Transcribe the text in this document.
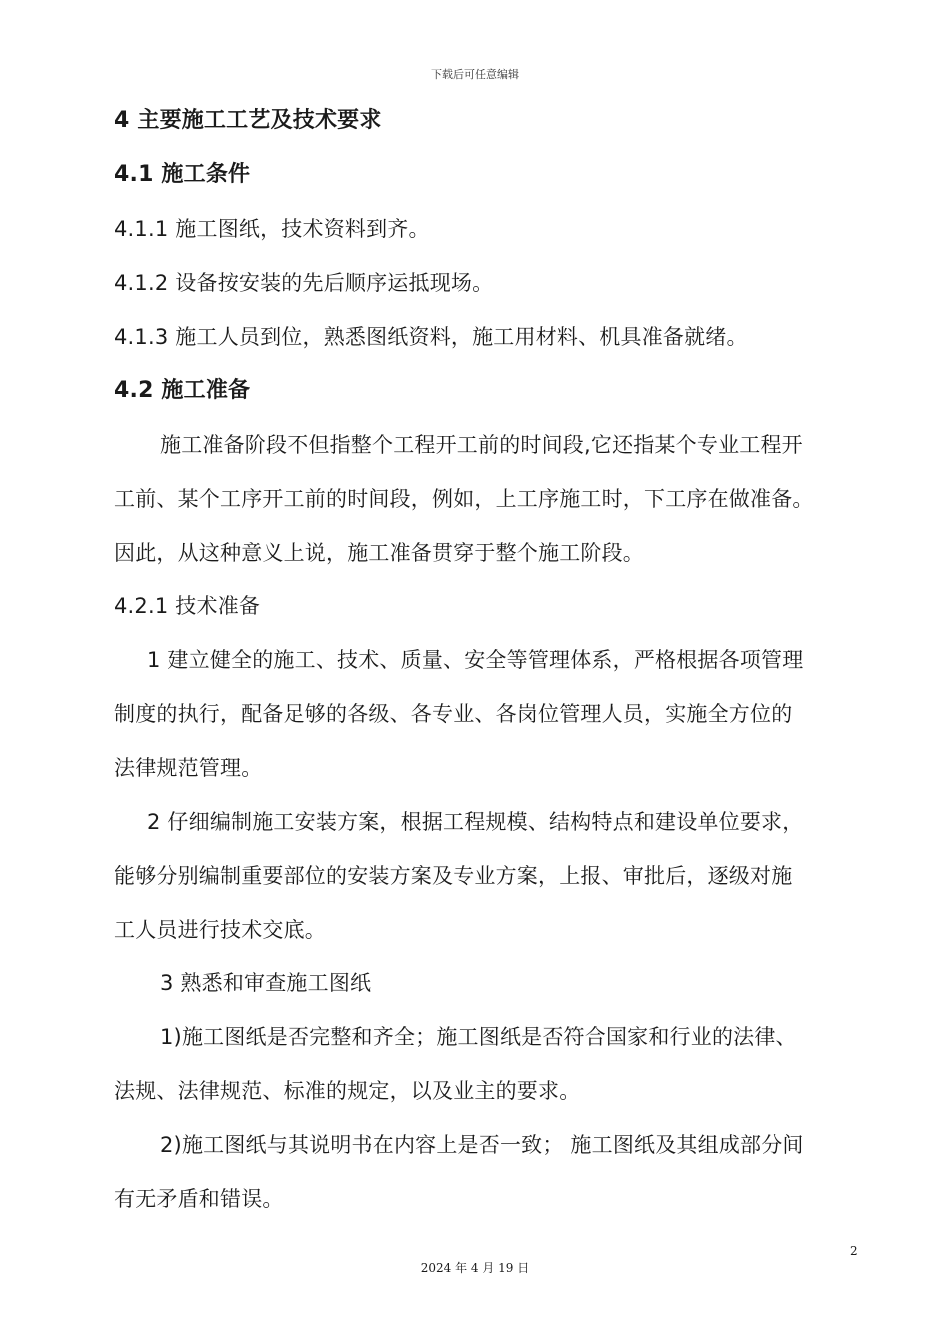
下载后可任意编辑
4 主要施工工艺及技术要求
4.1 施工条件
4.1.1 施工图纸，技术资料到齐。
4.1.2 设备按安装的先后顺序运抵现场。
4.1.3 施工人员到位，熟悉图纸资料，施工用材料、机具准备就绪。
4.2 施工准备
施工准备阶段不但指整个工程开工前的时间段,它还指某个专业工程开
工前、某个工序开工前的时间段，例如，上工序施工时，下工序在做准备。
因此，从这种意义上说，施工准备贯穿于整个施工阶段。
4.2.1 技术准备
1 建立健全的施工、技术、质量、安全等管理体系，严格根据各项管理
制度的执行，配备足够的各级、各专业、各岗位管理人员，实施全方位的
法律规范管理。
2 仔细编制施工安装方案，根据工程规模、结构特点和建设单位要求，
能够分别编制重要部位的安装方案及专业方案，上报、审批后，逐级对施
工人员进行技术交底。
3 熟悉和审查施工图纸
1)施工图纸是否完整和齐全；施工图纸是否符合国家和行业的法律、
法规、法律规范、标准的规定，以及业主的要求。
2)施工图纸与其说明书在内容上是否一致； 施工图纸及其组成部分间
有无矛盾和错误。
2
2024 年 4 月 19 日
